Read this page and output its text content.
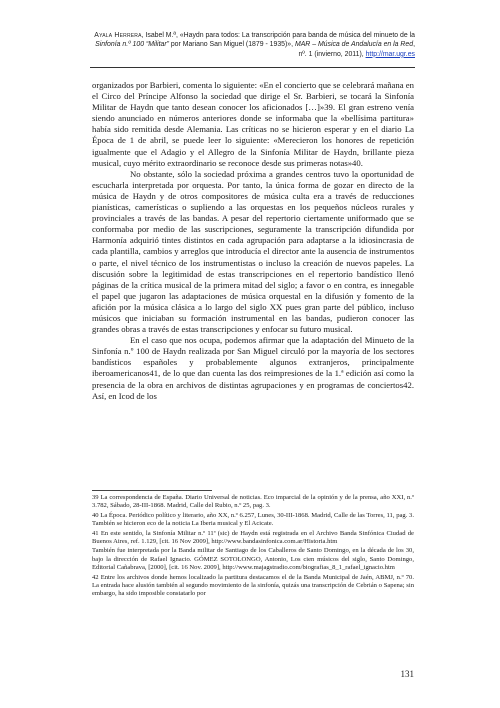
Ayala Herrera, Isabel M.ª, «Haydn para todos: La transcripción para banda de música del minueto de la Sinfonía n.º 100 “Militar” por Mariano San Miguel (1879 - 1935)», MAR – Música de Andalucía en la Red, nº. 1 (invierno, 2011), http://mar.ugr.es

organizados por Barbieri, comenta lo siguiente: «En el concierto que se celebrará mañana en el Circo del Príncipe Alfonso la sociedad que dirige el Sr. Barbieri, se tocará la Sinfonía Militar de Haydn que tanto desean conocer los aficionados […]»39. El gran estreno venía siendo anunciado en números anteriores donde se informaba que la «bellísima partitura» había sido remitida desde Alemania. Las críticas no se hicieron esperar y en el diario La Época de 1 de abril, se puede leer lo siguiente: «Merecieron los honores de repetición igualmente que el Adagio y el Allegro de la Sinfonía Militar de Haydn, brillante pieza musical, cuyo mérito extraordinario se reconoce desde sus primeras notas»40.

No obstante, sólo la sociedad próxima a grandes centros tuvo la oportunidad de escucharla interpretada por orquesta. Por tanto, la única forma de gozar en directo de la música de Haydn y de otros compositores de música culta era a través de reducciones pianísticas, camerísticas o supliendo a las orquestas en los pequeños núcleos rurales y provinciales a través de las bandas. A pesar del repertorio ciertamente uniformado que se conformaba por medio de las suscripciones, seguramente la transcripción difundida por Harmonía adquirió tintes distintos en cada agrupación para adaptarse a la idiosincrasia de cada plantilla, cambios y arreglos que introducía el director ante la ausencia de instrumentos o parte, el nivel técnico de los instrumentistas o incluso la creación de nuevos papeles. La discusión sobre la legitimidad de estas transcripciones en el repertorio bandístico llenó páginas de la crítica musical de la primera mitad del siglo; a favor o en contra, es innegable el papel que jugaron las adaptaciones de música orquestal en la difusión y fomento de la afición por la música clásica a lo largo del siglo XX pues gran parte del público, incluso músicos que iniciaban su formación instrumental en las bandas, pudieron conocer las grandes obras a través de estas transcripciones y enfocar su futuro musical.

En el caso que nos ocupa, podemos afirmar que la adaptación del Minueto de la Sinfonía n.º 100 de Haydn realizada por San Miguel circuló por la mayoría de los sectores bandísticos españoles y probablemente algunos extranjeros, principalmente iberoamericanos41, de lo que dan cuenta las dos reimpresiones de la 1.ª edición así como la presencia de la obra en archivos de distintas agrupaciones y en programas de conciertos42. Así, en Icod de los

39 La correspondencia de España. Diario Universal de noticias. Eco imparcial de la opinión y de la prensa, año XXI, n.º 3.782, Sábado, 28-III-1868. Madrid, Calle del Rubio, n.º 25, pag. 3.

40 La Época. Periódico político y literario, año XX, n.º 6.257, Lunes, 30-III-1868. Madrid, Calle de las Torres, 11, pag. 3. También se hicieron eco de la noticia La Iberia musical y El Acicate.

41 En este sentido, la Sinfonía Militar n.º 11ª (sic) de Haydn está registrada en el Archivo Banda Sinfónica Ciudad de Buenos Aires, ref. 1.129, [cit. 16 Nov 2009], http://www.bandasinfonica.com.ar/Historia.htm

También fue interpretada por la Banda militar de Santiago de los Caballeros de Santo Domingo, en la década de los 30, bajo la dirección de Rafael Ignacio. GÓMEZ SOTOLONGO, Antonio, Los cien músicos del siglo, Santo Domingo, Editorial Cañabrava, [2000], [cit. 16 Nov. 2009], http://www.majagstradio.com/biografias_8_1_rafael_ignacio.htm

42 Entre los archivos donde hemos localizado la partitura destacamos el de la Banda Municipal de Jaén, ABMJ, n.º 70. La entrada hace alusión también al segundo movimiento de la sinfonía, quizás una transcripción de Cebrián o Sapena; sin embargo, ha sido imposible constatarlo por

131
